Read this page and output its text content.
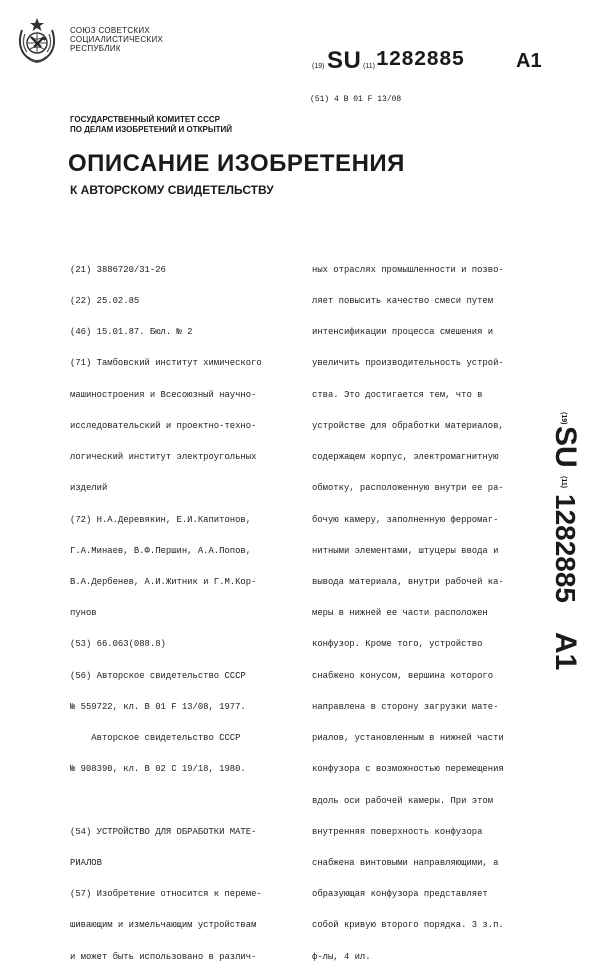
СОЮЗ СОВЕТСКИХ
СОЦИАЛИСТИЧЕСКИХ
РЕСПУБЛИК
(19) SU (11) 1282885	A1
(51) 4 B 01 F 13/08
ГОСУДАРСТВЕННЫЙ КОМИТЕТ СССР
ПО ДЕЛАМ ИЗОБРЕТЕНИЙ И ОТКРЫТИЙ
ОПИСАНИЕ ИЗОБРЕТЕНИЯ
К АВТОРСКОМУ СВИДЕТЕЛЬСТВУ

(21) 3886720/31-26

(22) 25.02.85

(46) 15.01.87. Бюл. № 2

(71) Тамбовский институт химического

машиностроения и Всесоюзный научно-

исследовательский и проектно-техно-

логический институт электроугольных

изделий

(72) Н.А.Деревякин, Е.И.Капитонов,

Г.А.Минаев, В.Ф.Першин, А.А.Попов,

В.А.Дербенев, А.И.Житник и Г.М.Кор-

пунов

(53) 66.063(088.8)

(56) Авторское свидетельство СССР

№ 559722, кл. B 01 F 13/08, 1977.

Авторское свидетельство СССР

№ 908390, кл. B 02 C 19/18, 1980.

(54) УСТРОЙСТВО ДЛЯ ОБРАБОТКИ МАТЕ-

РИАЛОВ

(57) Изобретение относится к переме-

шивающим и измельчающим устройствам

и может быть использовано в различ-

ных отраслях промышленности и позво-

ляет повысить качество смеси путем

интенсификации процесса смешения и

увеличить производительность устрой-

ства. Это достигается тем, что в

устройстве для обработки материалов,

содержащем корпус, электромагнитную

обмотку, расположенную внутри ее ра-

бочую камеру, заполненную ферромаг-

нитными элементами, штуцеры ввода и

вывода материала, внутри рабочей ка-

меры в нижней ее части расположен

конфузор. Кроме того, устройство

снабжено конусом, вершина которого

направлена в сторону загрузки мате-

риалов, установленным в нижней части

конфузора с возможностью перемещения

вдоль оси рабочей камеры. При этом

внутренняя поверхность конфузора

снабжена винтовыми направляющими, а

образующая конфузора представляет

собой кривую второго порядка. 3 з.п.

ф-лы, 4 ил.

(19)
SU
(11)
1282885
A1
